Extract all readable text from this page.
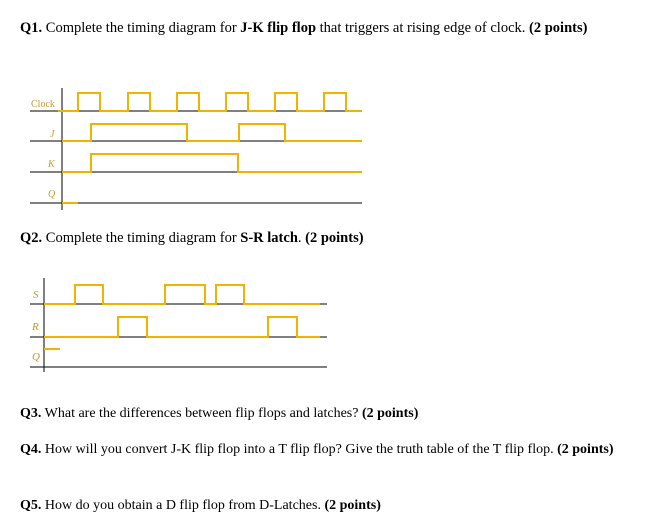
Q1. Complete the timing diagram for J-K flip flop that triggers at rising edge of clock. (2 points)
Q2. Complete the timing diagram for S-R latch. (2 points)
Q3. What are the differences between flip flops and latches? (2 points)
Q4. How will you convert J-K flip flop into a T flip flop? Give the truth table of the T flip flop. (2 points)
Q5. How do you obtain a D flip flop from D-Latches. (2 points)
Clock
J
K
Q
S
R
Q
